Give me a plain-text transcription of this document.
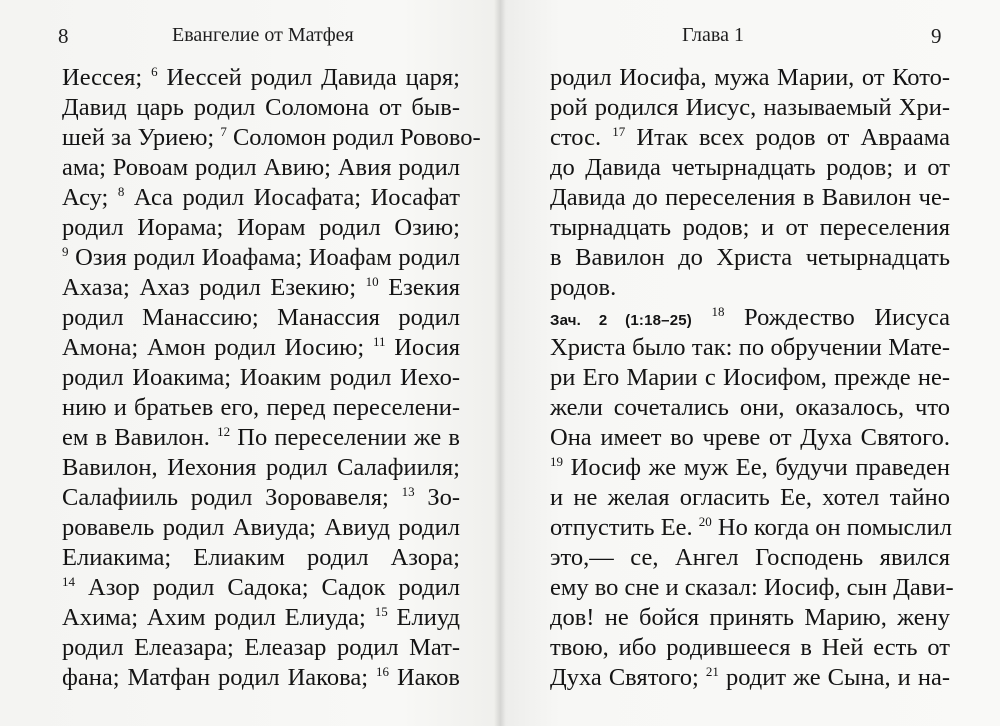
8	Евангелие от Матфея	Глава 1	9
Иессея; $^6$ Иессей родил Давида царя;
Давид царь родил Соломона от быв-
шей за Уриею; $^7$ Соломон родил Ровово-
ама; Ровоам родил Авию; Авия родил
Асу; $^8$ Аса родил Иосафата; Иосафат
родил Иорама; Иорам родил Озию;
$^9$ Озия родил Иоафама; Иоафам родил
Ахаза; Ахаз родил Езекию; $^{10}$ Езекия
родил Манассию; Манассия родил
Амона; Амон родил Иосию; $^{11}$ Иосия
родил Иоакима; Иоаким родил Иехо-
нию и братьев его, перед переселени-
ем в Вавилон. $^{12}$ По переселении же в
Вавилон, Иехония родил Салафииля;
Салафииль родил Зоровавеля; $^{13}$ Зо-
ровавель родил Авиуда; Авиуд родил
Елиакима; Елиаким родил Азора;
$^{14}$ Азор родил Садока; Садок родил
Ахима; Ахим родил Елиуда; $^{15}$ Елиуд
родил Елеазара; Елеазар родил Мат-
фана; Матфан родил Иакова; $^{16}$ Иаков
родил Иосифа, мужа Марии, от Кото-
рой родился Иисус, называемый Хри-
стос. $^{17}$ Итак всех родов от Авраама
до Давида четырнадцать родов; и от
Давида до переселения в Вавилон че-
тырнадцать родов; и от переселения
в Вавилон до Христа четырнадцать
родов.
Зач. 2 (1:18–25) $^{18}$ Рождество Иисуса
Христа было так: по обручении Мате-
ри Его Марии с Иосифом, прежде не-
жели сочетались они, оказалось, что
Она имеет во чреве от Духа Святого.
$^{19}$ Иосиф же муж Ее, будучи праведен
и не желая огласить Ее, хотел тайно
отпустить Ее. $^{20}$ Но когда он помыслил
это,— се, Ангел Господень явился
ему во сне и сказал: Иосиф, сын Дави-
дов! не бойся принять Марию, жену
твою, ибо родившееся в Ней есть от
Духа Святого; $^{21}$ родит же Сына, и на-
